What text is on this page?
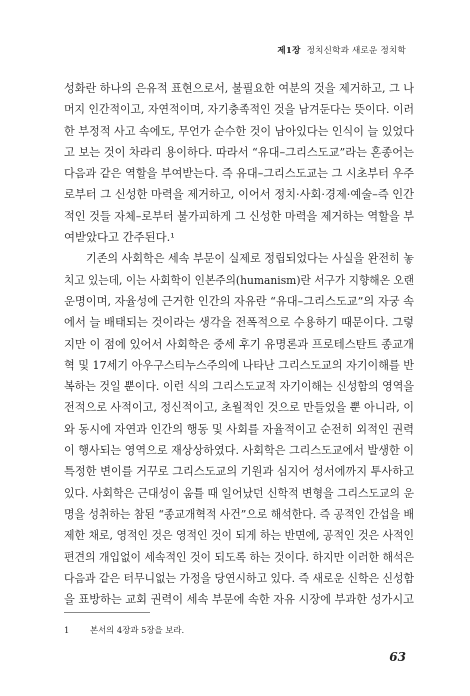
제1장 정치신학과 새로운 정치학
성화란 하나의 은유적 표현으로서, 불필요한 여분의 것을 제거하고, 그 나
머지 인간적이고, 자연적이며, 자기충족적인 것을 남겨둔다는 뜻이다. 이러
한 부정적 사고 속에도, 무언가 순수한 것이 남아있다는 인식이 늘 있었다
고 보는 것이 차라리 용이하다. 따라서 “유대–그리스도교”라는 혼종어는
다음과 같은 역할을 부여받는다. 즉 유대–그리스도교는 그 시초부터 우주
로부터 그 신성한 마력을 제거하고, 이어서 정치·사회·경제·예술–즉 인간
적인 것들 자체–로부터 불가피하게 그 신성한 마력을 제거하는 역할을 부
여받았다고 간주된다.¹
기존의 사회학은 세속 부문이 실제로 정립되었다는 사실을 완전히 놓
치고 있는데, 이는 사회학이 인본주의(humanism)란 서구가 지향해온 오랜
운명이며, 자율성에 근거한 인간의 자유란 “유대–그리스도교”의 자궁 속
에서 늘 배태되는 것이라는 생각을 전폭적으로 수용하기 때문이다. 그렇
지만 이 점에 있어서 사회학은 중세 후기 유명론과 프로테스탄트 종교개
혁 및 17세기 아우구스티누스주의에 나타난 그리스도교의 자기이해를 반
복하는 것일 뿐이다. 이런 식의 그리스도교적 자기이해는 신성함의 영역을
전적으로 사적이고, 정신적이고, 초월적인 것으로 만들었을 뿐 아니라, 이
와 동시에 자연과 인간의 행동 및 사회를 자율적이고 순전히 외적인 권력
이 행사되는 영역으로 재상상하였다. 사회학은 그리스도교에서 발생한 이
특정한 변이를 거꾸로 그리스도교의 기원과 심지어 성서에까지 투사하고
있다. 사회학은 근대성이 움틀 때 일어났던 신학적 변형을 그리스도교의 운
명을 성취하는 참된 “종교개혁적 사건”으로 해석한다. 즉 공적인 간섭을 배
제한 채로, 영적인 것은 영적인 것이 되게 하는 반면에, 공적인 것은 사적인
편견의 개입없이 세속적인 것이 되도록 하는 것이다. 하지만 이러한 해석은
다음과 같은 터무니없는 가정을 당연시하고 있다. 즉 새로운 신학은 신성함
을 표방하는 교회 권력이 세속 부문에 속한 자유 시장에 부과한 성가시고
1 본서의 4장과 5장을 보라.
63
